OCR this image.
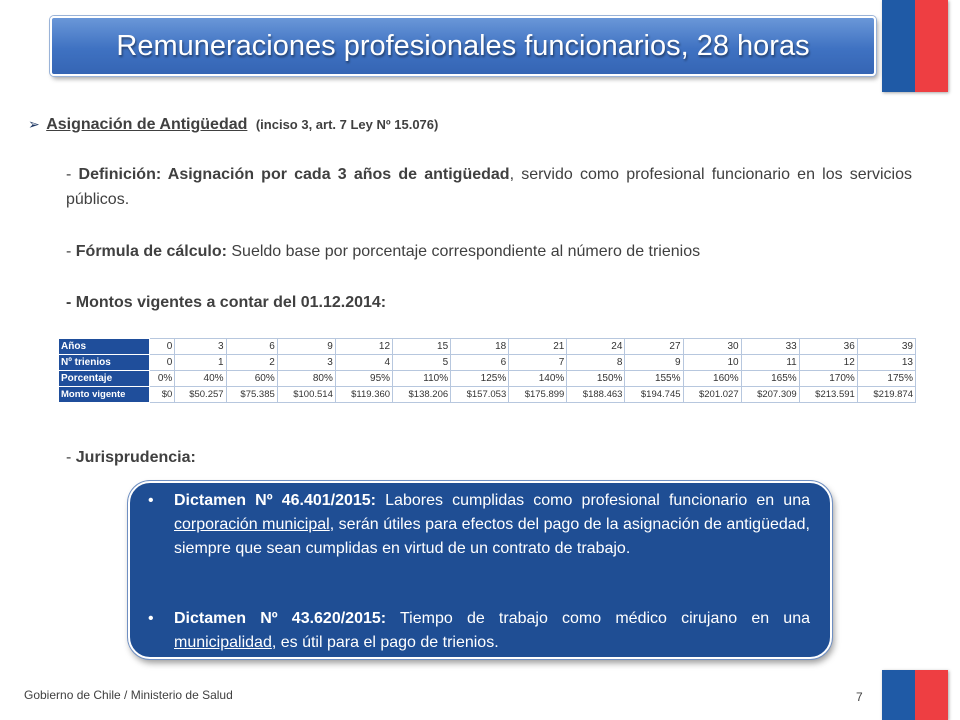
Remuneraciones profesionales funcionarios, 28 horas
➢ Asignación de Antigüedad (inciso 3, art. 7 Ley Nº 15.076)
- Definición: Asignación por cada 3 años de antigüedad, servido como profesional funcionario en los servicios públicos.
- Fórmula de cálculo: Sueldo base por porcentaje correspondiente al número de trienios
- Montos vigentes a contar del 01.12.2014:
Años	0	3	6	9	12	15	18	21	24	27	30	33	36	39
Nº trienios	0	1	2	3	4	5	6	7	8	9	10	11	12	13
Porcentaje	0%	40%	60%	80%	95%	110%	125%	140%	150%	155%	160%	165%	170%	175%
Monto vigente	$0	$50.257	$75.385	$100.514	$119.360	$138.206	$157.053	$175.899	$188.463	$194.745	$201.027	$207.309	$213.591	$219.874
- Jurisprudencia:
• Dictamen Nº 46.401/2015: Labores cumplidas como profesional funcionario en una corporación municipal, serán útiles para efectos del pago de la asignación de antigüedad, siempre que sean cumplidas en virtud de un contrato de trabajo.
• Dictamen Nº 43.620/2015: Tiempo de trabajo como médico cirujano en una municipalidad, es útil para el pago de trienios.
Gobierno de Chile / Ministerio de Salud	7
